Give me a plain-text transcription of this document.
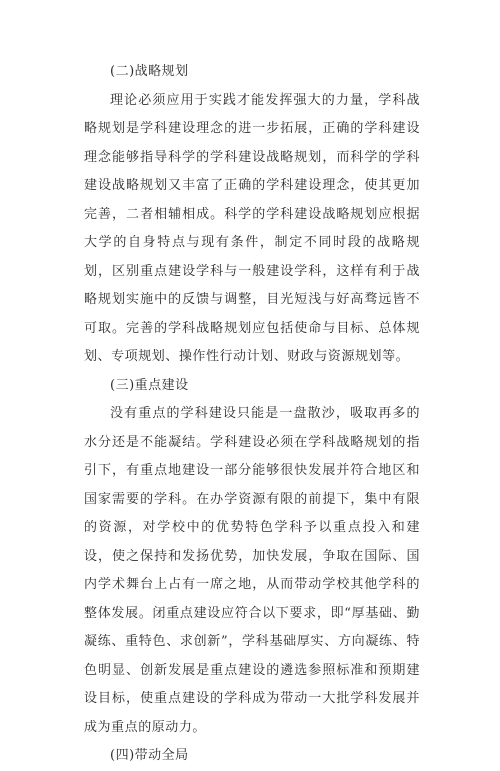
(二)战略规划

理论必须应用于实践才能发挥强大的力量，学科战略规划是学科建设理念的进一步拓展，正确的学科建设理念能够指导科学的学科建设战略规划，而科学的学科建设战略规划又丰富了正确的学科建设理念，使其更加完善，二者相辅相成。科学的学科建设战略规划应根据大学的自身特点与现有条件，制定不同时段的战略规划，区别重点建设学科与一般建设学科，这样有利于战略规划实施中的反馈与调整，目光短浅与好高骛远皆不可取。完善的学科战略规划应包括使命与目标、总体规划、专项规划、操作性行动计划、财政与资源规划等。

(三)重点建设

没有重点的学科建设只能是一盘散沙，吸取再多的水分还是不能凝结。学科建设必须在学科战略规划的指引下，有重点地建设一部分能够很快发展并符合地区和国家需要的学科。在办学资源有限的前提下，集中有限的资源，对学校中的优势特色学科予以重点投入和建设，使之保持和发扬优势，加快发展，争取在国际、国内学术舞台上占有一席之地，从而带动学校其他学科的整体发展。闭重点建设应符合以下要求，即“厚基础、勤凝练、重特色、求创新”，学科基础厚实、方向凝练、特色明显、创新发展是重点建设的遴选参照标准和预期建设目标，使重点建设的学科成为带动一大批学科发展并成为重点的原动力。

(四)带动全局
